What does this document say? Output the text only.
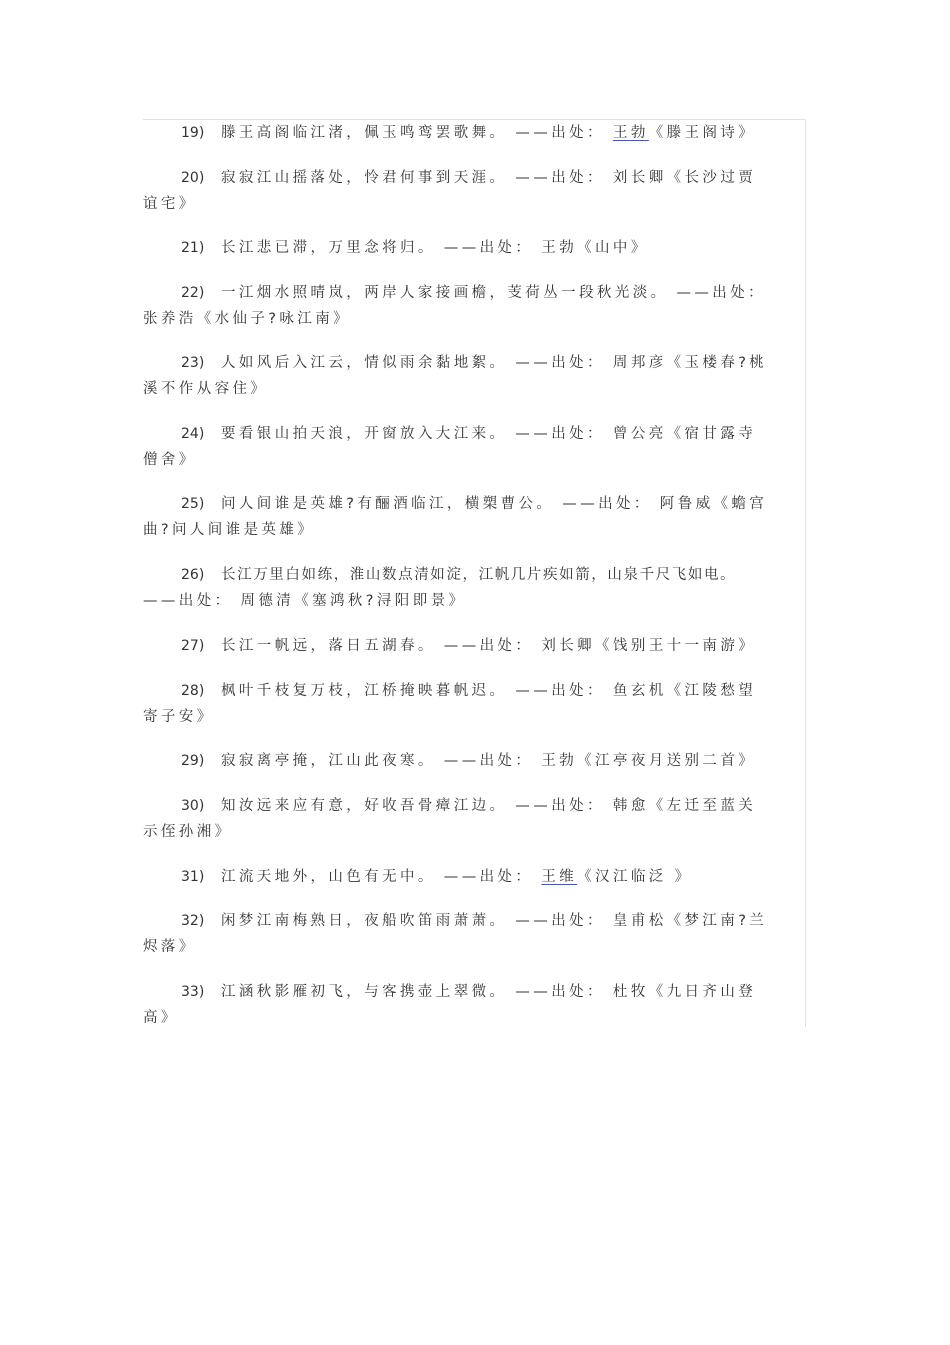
19) 滕王高阁临江渚，佩玉鸣鸾罢歌舞。 ——出处： 王勃《滕王阁诗》
20) 寂寂江山摇落处，怜君何事到天涯。 ——出处： 刘长卿《长沙过贾
谊宅》
21) 长江悲已滞，万里念将归。 ——出处： 王勃《山中》
22) 一江烟水照晴岚，两岸人家接画檐，芰荷丛一段秋光淡。 ——出处：
张养浩《水仙子?咏江南》
23) 人如风后入江云，情似雨余黏地絮。 ——出处： 周邦彦《玉楼春?桃
溪不作从容住》
24) 要看银山拍天浪，开窗放入大江来。 ——出处： 曾公亮《宿甘露寺
僧舍》
25) 问人间谁是英雄?有酾酒临江，横槊曹公。 ——出处： 阿鲁威《蟾宫
曲?问人间谁是英雄》
26) 长江万里白如练，淮山数点清如淀，江帆几片疾如箭，山泉千尺飞如电。
——出处： 周德清《塞鸿秋?浔阳即景》
27) 长江一帆远，落日五湖春。 ——出处： 刘长卿《饯别王十一南游》
28) 枫叶千枝复万枝，江桥掩映暮帆迟。 ——出处： 鱼玄机《江陵愁望
寄子安》
29) 寂寂离亭掩，江山此夜寒。 ——出处： 王勃《江亭夜月送别二首》
30) 知汝远来应有意，好收吾骨瘴江边。 ——出处： 韩愈《左迁至蓝关
示侄孙湘》
31) 江流天地外，山色有无中。 ——出处： 王维《汉江临泛 》
32) 闲梦江南梅熟日，夜船吹笛雨萧萧。 ——出处： 皇甫松《梦江南?兰
烬落》
33) 江涵秋影雁初飞，与客携壶上翠微。 ——出处： 杜牧《九日齐山登
高》
